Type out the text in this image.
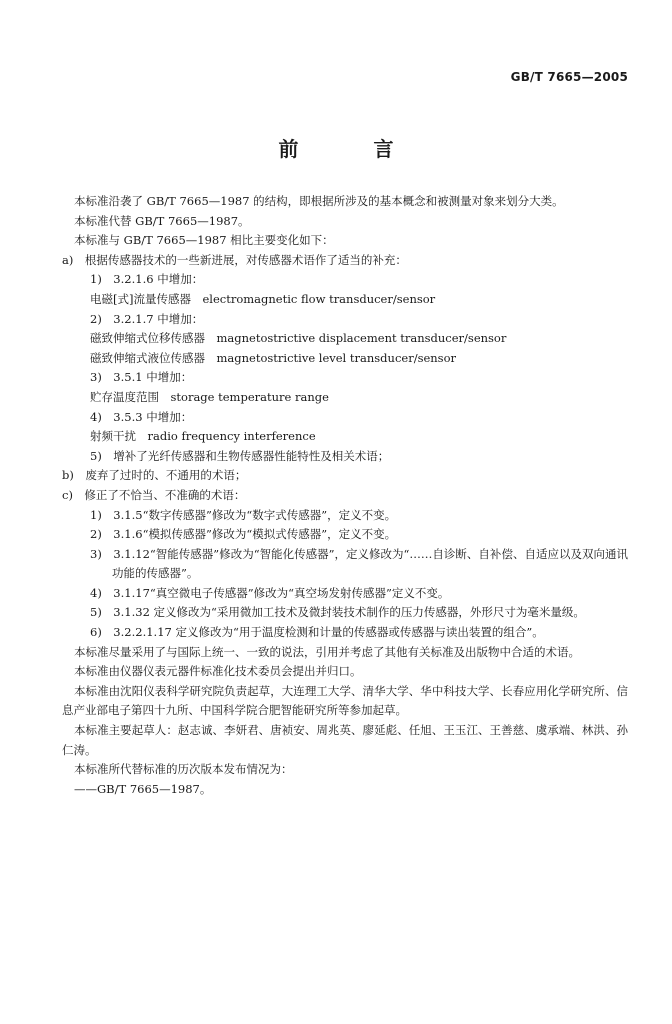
GB/T 7665—2005
前 言

本标准沿袭了 GB/T 7665—1987 的结构，即根据所涉及的基本概念和被测量对象来划分大类。

本标准代替 GB/T 7665—1987。

本标准与 GB/T 7665—1987 相比主要变化如下：

a)　根据传感器技术的一些新进展，对传感器术语作了适当的补充：

1)　3.2.1.6 中增加：

电磁[式]流量传感器　electromagnetic flow transducer/sensor

2)　3.2.1.7 中增加：

磁致伸缩式位移传感器　magnetostrictive displacement transducer/sensor

磁致伸缩式液位传感器　magnetostrictive level transducer/sensor

3)　3.5.1 中增加：

贮存温度范围　storage temperature range

4)　3.5.3 中增加：

射频干扰　radio frequency interference

5)　增补了光纤传感器和生物传感器性能特性及相关术语；

b)　废弃了过时的、不通用的术语；

c)　修正了不恰当、不准确的术语：

1)　3.1.5“数字传感器”修改为“数字式传感器”，定义不变。

2)　3.1.6“模拟传感器”修改为“模拟式传感器”，定义不变。

3)　3.1.12“智能传感器”修改为“智能化传感器”，定义修改为“……自诊断、自补偿、自适应以及双向通讯功能的传感器”。

4)　3.1.17“真空微电子传感器”修改为“真空场发射传感器”定义不变。

5)　3.1.32 定义修改为“采用微加工技术及微封装技术制作的压力传感器，外形尺寸为毫米量级。

6)　3.2.2.1.17 定义修改为“用于温度检测和计量的传感器或传感器与读出装置的组合”。

本标准尽量采用了与国际上统一、一致的说法，引用并考虑了其他有关标准及出版物中合适的术语。

本标准由仪器仪表元器件标准化技术委员会提出并归口。

本标准由沈阳仪表科学研究院负责起草，大连理工大学、清华大学、华中科技大学、长春应用化学研究所、信息产业部电子第四十九所、中国科学院合肥智能研究所等参加起草。

本标准主要起草人：赵志诚、李妍君、唐祯安、周兆英、廖延彪、任旭、王玉江、王善慈、虞承端、林洪、孙仁涛。

本标准所代替标准的历次版本发布情况为：

——GB/T 7665—1987。
